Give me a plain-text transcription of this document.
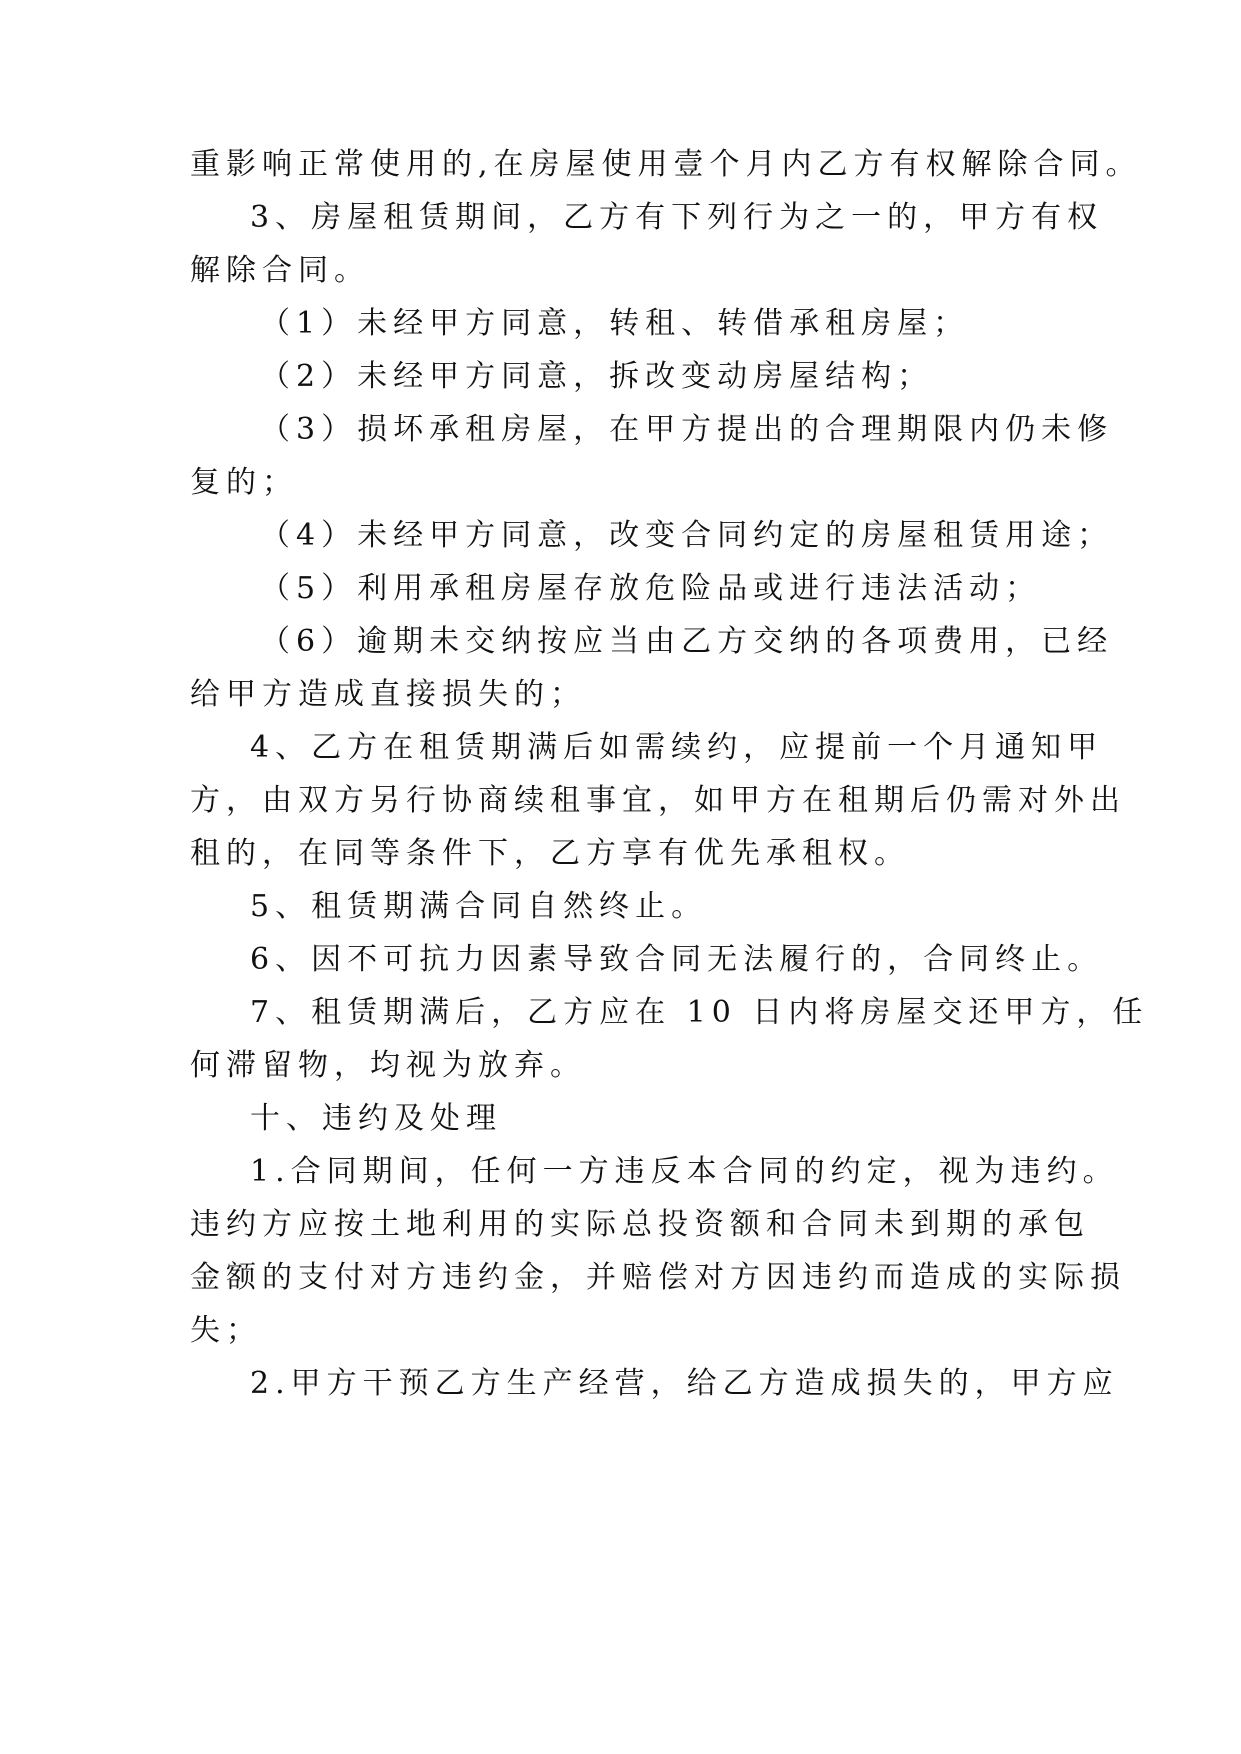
重影响正常使用的,在房屋使用壹个月内乙方有权解除合同。
3、房屋租赁期间，乙方有下列行为之一的，甲方有权
解除合同。
（1）未经甲方同意，转租、转借承租房屋；
（2）未经甲方同意，拆改变动房屋结构；
（3）损坏承租房屋，在甲方提出的合理期限内仍未修
复的；
（4）未经甲方同意，改变合同约定的房屋租赁用途；
（5）利用承租房屋存放危险品或进行违法活动；
（6）逾期未交纳按应当由乙方交纳的各项费用，已经
给甲方造成直接损失的；
4、乙方在租赁期满后如需续约，应提前一个月通知甲
方，由双方另行协商续租事宜，如甲方在租期后仍需对外出
租的，在同等条件下，乙方享有优先承租权。
5、租赁期满合同自然终止。
6、因不可抗力因素导致合同无法履行的，合同终止。
7、租赁期满后，乙方应在 10 日内将房屋交还甲方，任
何滞留物，均视为放弃。
十、违约及处理
1.合同期间，任何一方违反本合同的约定，视为违约。
违约方应按土地利用的实际总投资额和合同未到期的承包
金额的支付对方违约金，并赔偿对方因违约而造成的实际损
失；
2.甲方干预乙方生产经营，给乙方造成损失的，甲方应
